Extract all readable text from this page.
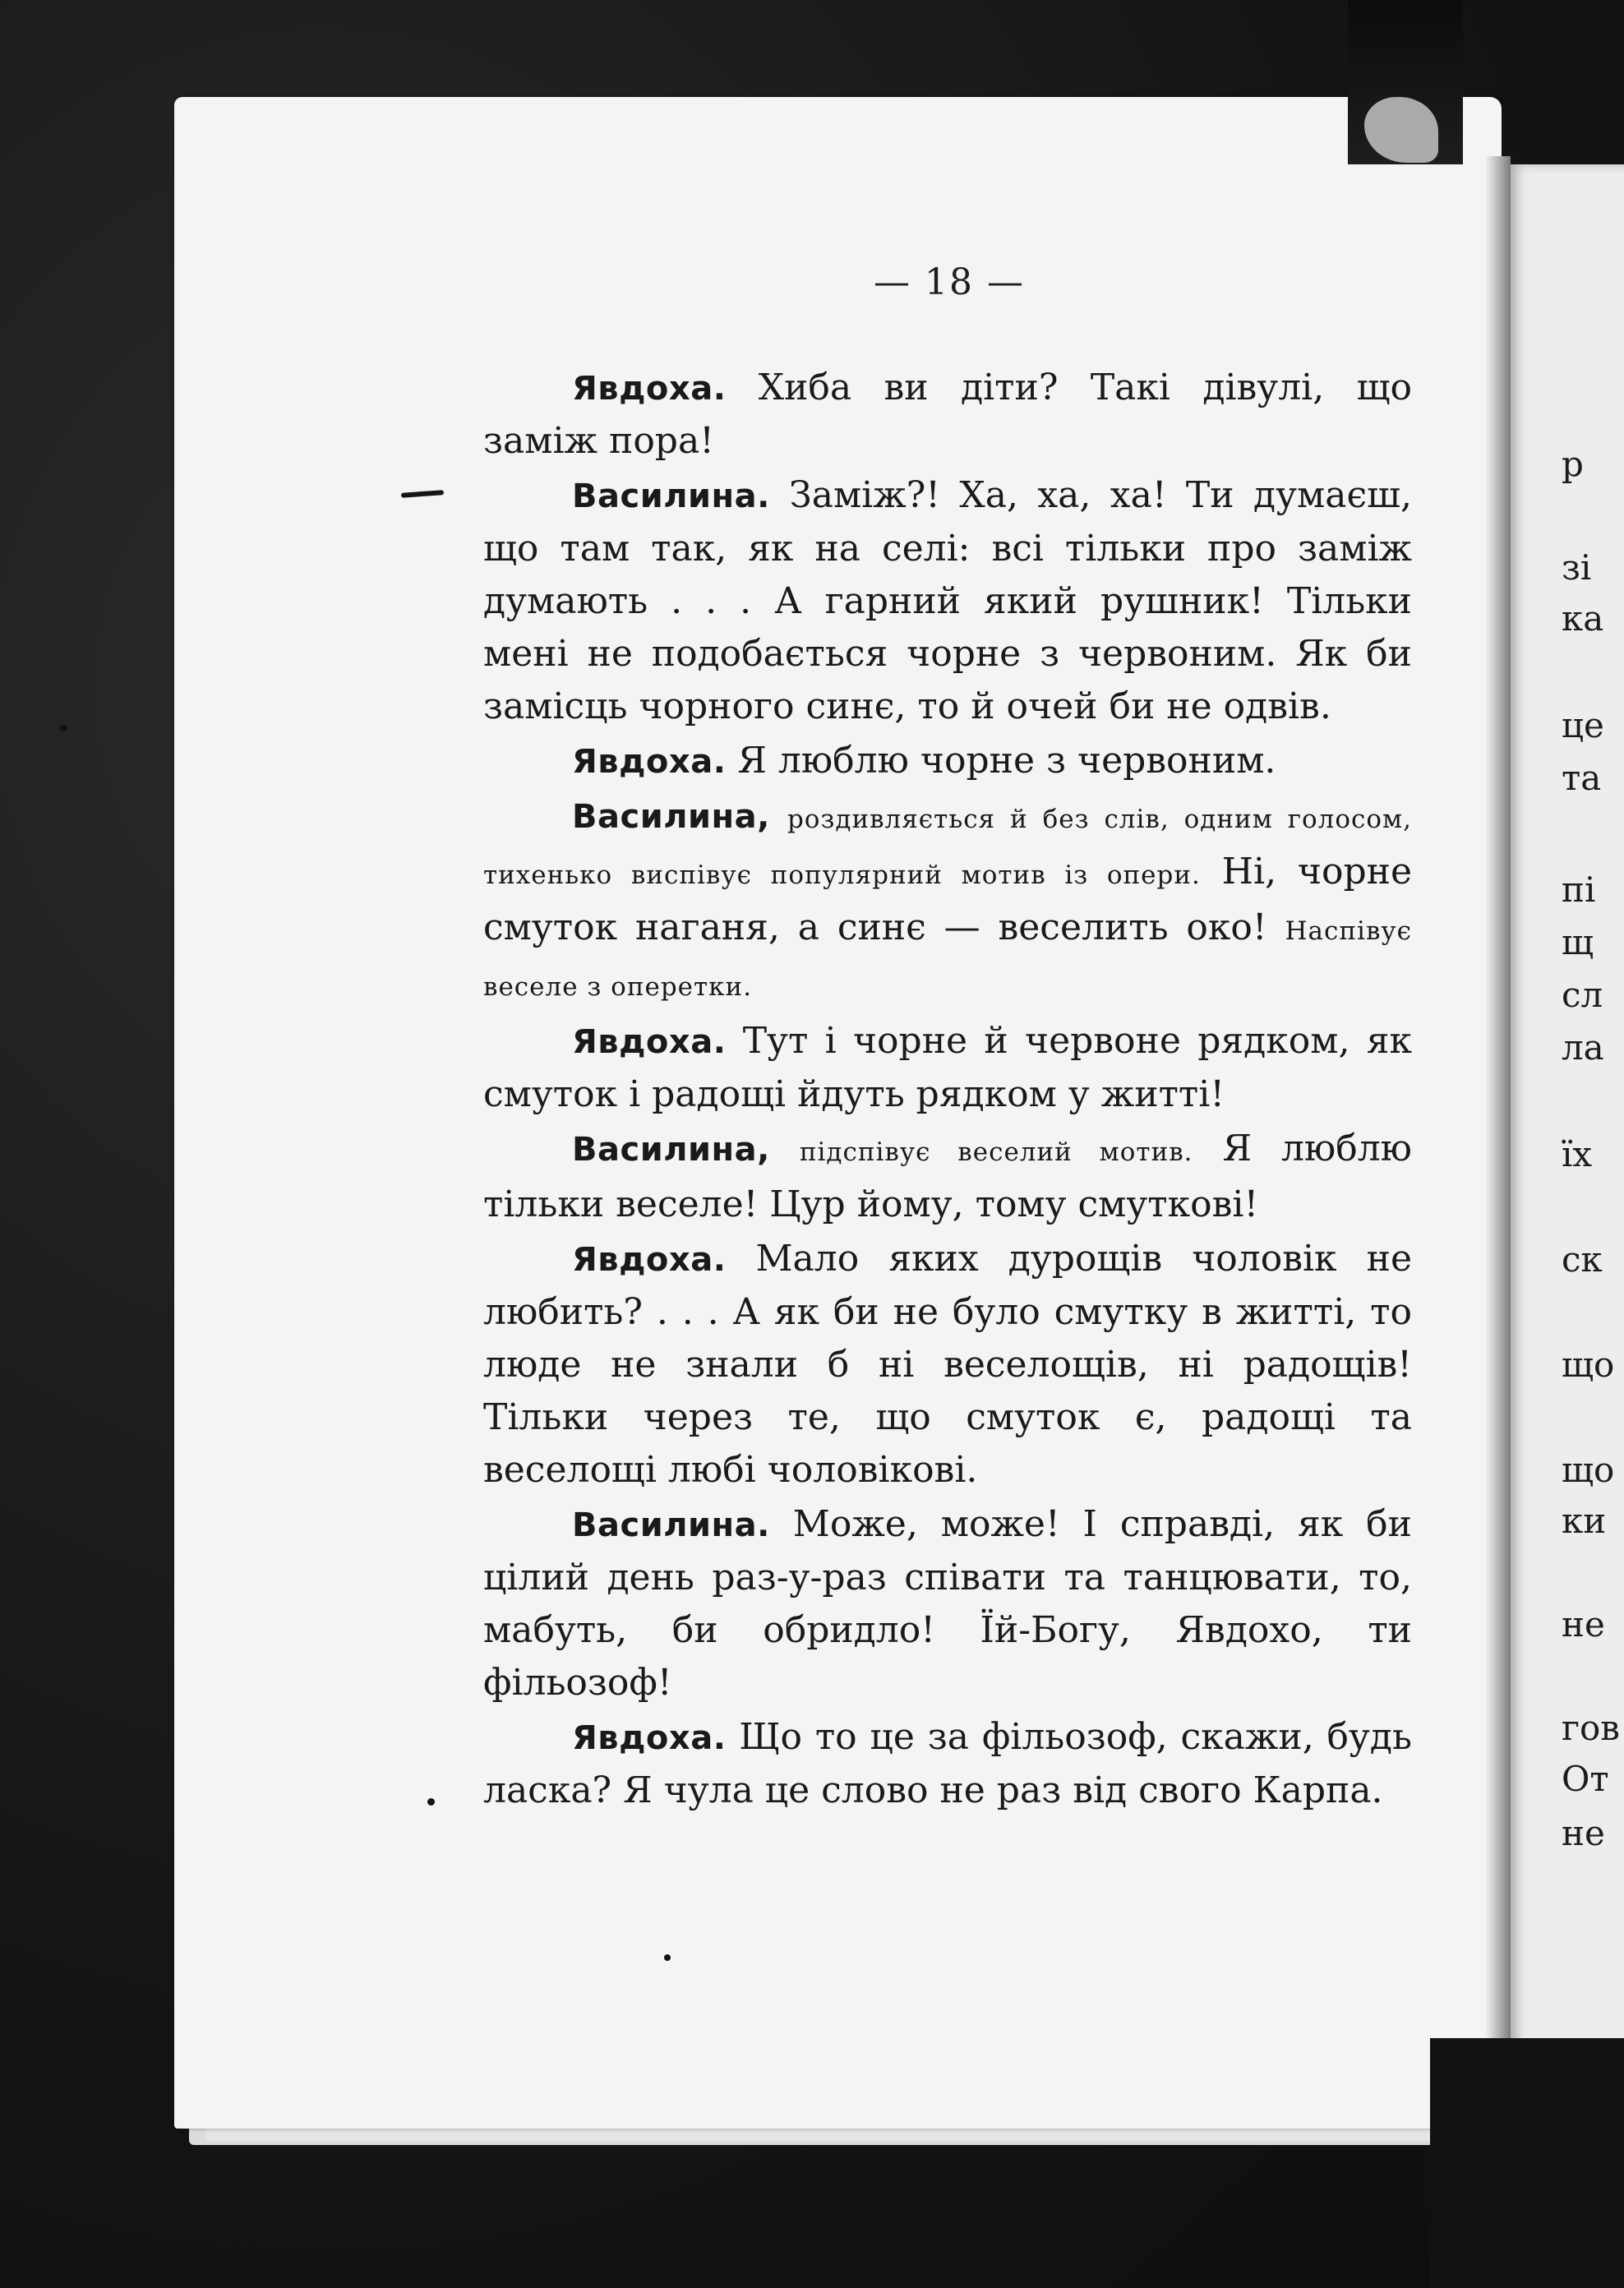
— 18 —

Явдоха. Хиба ви діти? Такі дівулі, що заміж пора!

Василина. Заміж?! Ха, ха, ха! Ти думаєш, що там так, як на селі: всі тільки про заміж думають . . . А гарний який рушник! Тільки мені не подобається чорне з червоним. Як би замісць чорного синє, то й очей би не одвів.

Явдоха. Я люблю чорне з червоним.

Василина, роздивляється й без слів, одним голосом, тихенько виспівує популярний мотив із опери. Ні, чорне смуток наганя, а синє — веселить око! Наспівує веселе з оперетки.

Явдоха. Тут і чорне й червоне рядком, як смуток і радощі йдуть рядком у житті!

Василина, підспівує веселий мотив. Я люблю тільки веселе! Цур йому, тому смуткові!

Явдоха. Мало яких дурощів чоловік не любить? . . . А як би не було смутку в житті, то люде не знали б ні веселощів, ні радощів! Тільки через те, що смуток є, радощі та веселощі любі чоловікові.

Василина. Може, може! І справді, як би цілий день раз-у-раз співати та танцювати, то, мабуть, би обридло! Їй-Богу, Явдохо, ти фільозоф!

Явдоха. Що то це за фільозоф, скажи, будь ласка? Я чула це слово не раз від свого Карпа.

р
зі
ка
це
та
пі
щ
сл
ла
їх
ск
що
що
ки
не
гов
От
не
